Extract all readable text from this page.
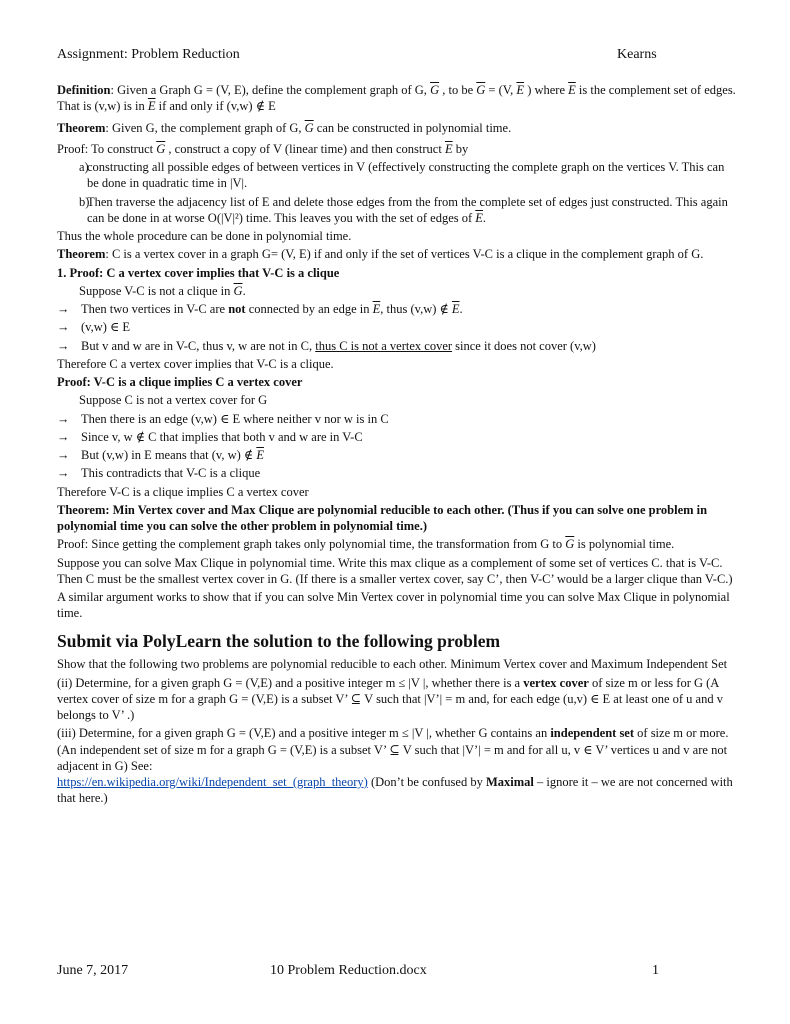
Assignment: Problem Reduction	Kearns

Definition: Given a Graph G = (V, E), define the complement graph of G, $\overline{G}$ , to be $\overline{G} = (V$, $\overline{E}$ ) where $\overline{E}$ is the complement set of edges. That is (v,w) is in $\overline{E}$ if and only if (v,w) ∉ E

Theorem: Given G, the complement graph of G, $\overline{G}$ can be constructed in polynomial time.

Proof: To construct $\overline{G}$ , construct a copy of V (linear time) and then construct $\overline{E}$ by

a)
constructing all possible edges of between vertices in V (effectively constructing the complete graph on the vertices V. This can be done in quadratic time in |V|.
b)
Then traverse the adjacency list of E and delete those edges from the from the complete set of edges just constructed. This again can be done in at worse O(|V|²) time. This leaves you with the set of edges of $\overline{E}$.

Thus the whole procedure can be done in polynomial time.

Theorem: C is a vertex cover in a graph G= (V, E) if and only if the set of vertices V-C is a clique in the complement graph of G.

1. Proof: C a vertex cover implies that V-C is a clique

Suppose V-C is not a clique in $\overline{G}$.

→ Then two vertices in V-C are not connected by an edge in $\overline{E}$, thus (v,w) ∉ $\overline{E}$.
→ (v,w) ∈ E
→ But v and w are in V-C, thus v, w are not in C, thus C is not a vertex cover since it does not cover (v,w)

Therefore C a vertex cover implies that V-C is a clique.

Proof: V-C is a clique implies C a vertex cover

Suppose C is not a vertex cover for G

→ Then there is an edge (v,w) ∈ E where neither v nor w is in C
→ Since v, w ∉ C that implies that both v and w are in V-C
→ But (v,w) in E means that (v, w) ∉ $\overline{E}$
→ This contradicts that V-C is a clique

Therefore V-C is a clique implies C a vertex cover

Theorem: Min Vertex cover and Max Clique are polynomial reducible to each other. (Thus if you can solve one problem in polynomial time you can solve the other problem in polynomial time.)

Proof: Since getting the complement graph takes only polynomial time, the transformation from G to $\overline{G}$ is polynomial time.

Suppose you can solve Max Clique in polynomial time. Write this max clique as a complement of some set of vertices C. that is V-C. Then C must be the smallest vertex cover in G. (If there is a smaller vertex cover, say C’, then V-C’ would be a larger clique than V-C.)

A similar argument works to show that if you can solve Min Vertex cover in polynomial time you can solve Max Clique in polynomial time.

Submit via PolyLearn the solution to the following problem

Show that the following two problems are polynomial reducible to each other. Minimum Vertex cover and Maximum Independent Set

(ii) Determine, for a given graph G = (V,E) and a positive integer m ≤ |V |, whether there is a vertex cover of size m or less for G (A vertex cover of size m for a graph G = (V,E) is a subset V’ ⊆ V such that |V’| = m and, for each edge (u,v) ∈ E at least one of u and v belongs to V’ .)

(iii) Determine, for a given graph G = (V,E) and a positive integer m ≤ |V |, whether G contains an independent set of size m or more. (An independent set of size m for a graph G = (V,E) is a subset V’ ⊆ V such that |V’| = m and for all u, v ∈ V’ vertices u and v are not adjacent in G) See:
https://en.wikipedia.org/wiki/Independent_set_(graph_theory) (Don’t be confused by Maximal – ignore it – we are not concerned with that here.)

June 7, 2017	10 Problem Reduction.docx	1
